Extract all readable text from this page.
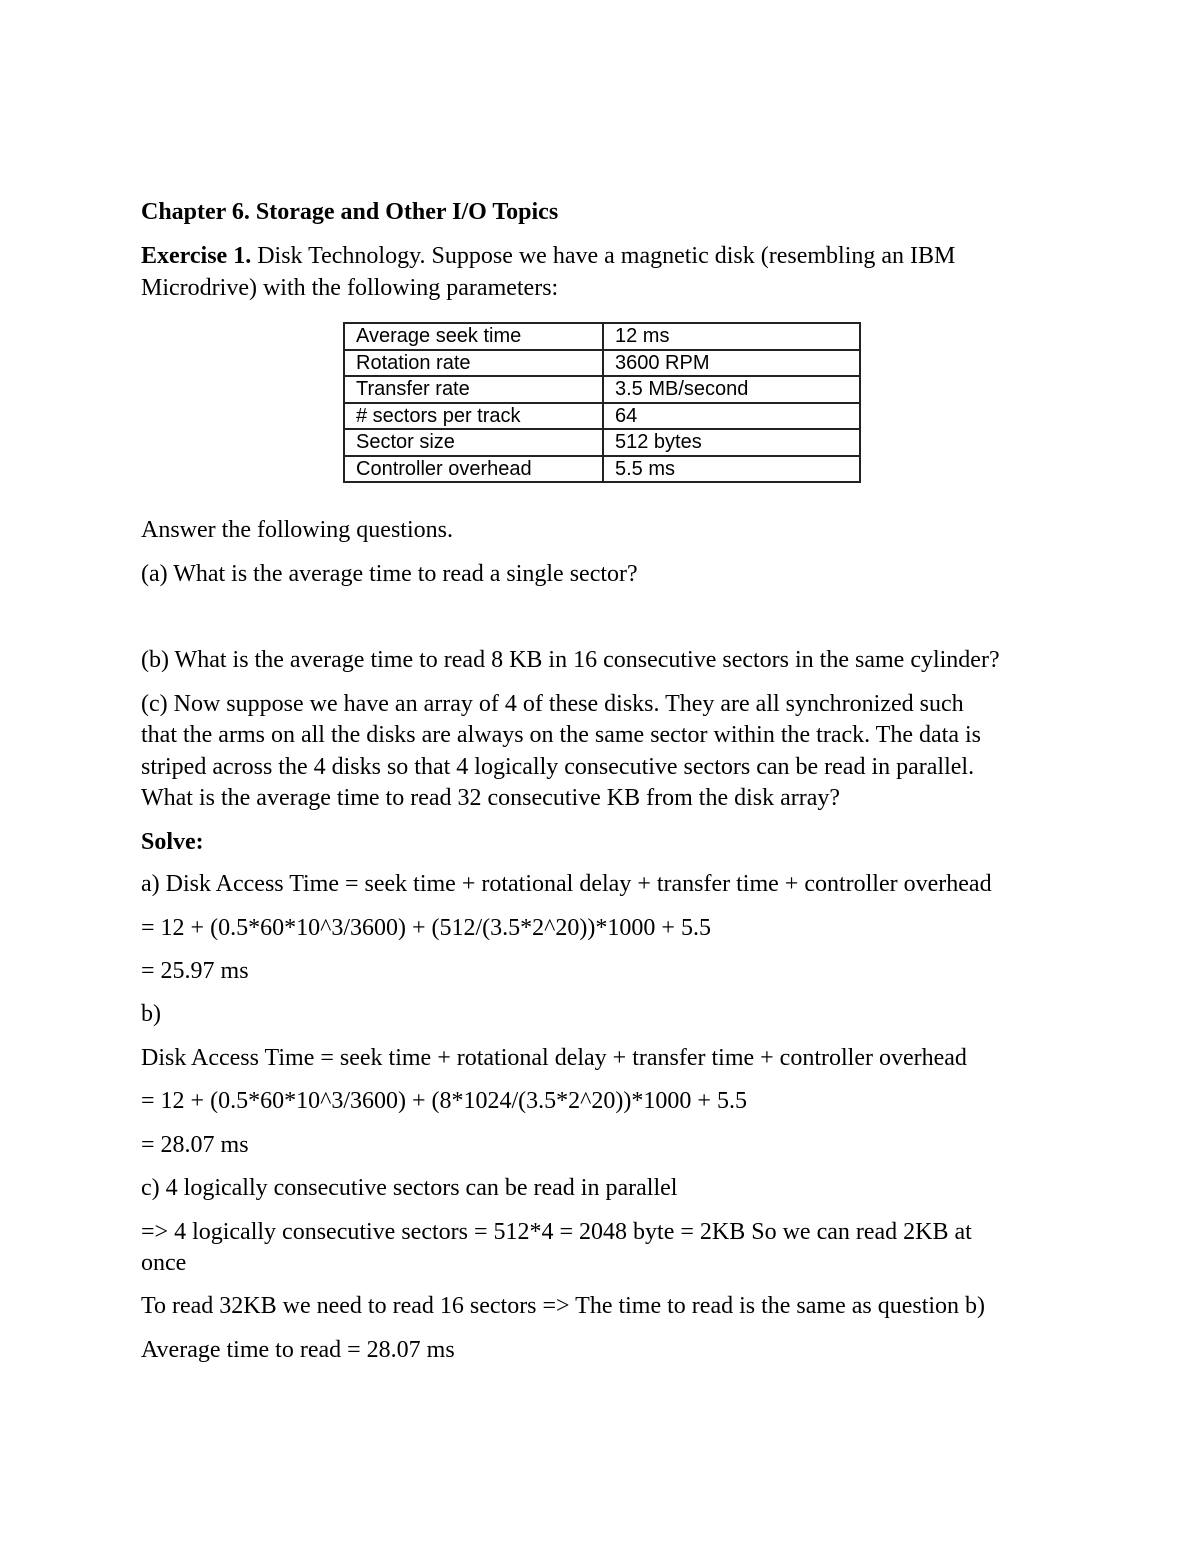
Chapter 6. Storage and Other I/O Topics
Exercise 1. Disk Technology. Suppose we have a magnetic disk (resembling an IBM
Microdrive) with the following parameters:
Average seek time	12 ms
Rotation rate	3600 RPM
Transfer rate	3.5 MB/second
# sectors per track	64
Sector size	512 bytes
Controller overhead	5.5 ms
Answer the following questions.
(a) What is the average time to read a single sector?
(b) What is the average time to read 8 KB in 16 consecutive sectors in the same cylinder?
(c) Now suppose we have an array of 4 of these disks. They are all synchronized such
that the arms on all the disks are always on the same sector within the track. The data is
striped across the 4 disks so that 4 logically consecutive sectors can be read in parallel.
What is the average time to read 32 consecutive KB from the disk array?
Solve:
a) Disk Access Time = seek time + rotational delay + transfer time + controller overhead
= 12 + (0.5*60*10^3/3600) + (512/(3.5*2^20))*1000 + 5.5
= 25.97 ms
b)
Disk Access Time = seek time + rotational delay + transfer time + controller overhead
= 12 + (0.5*60*10^3/3600) + (8*1024/(3.5*2^20))*1000 + 5.5
= 28.07 ms
c) 4 logically consecutive sectors can be read in parallel
=> 4 logically consecutive sectors = 512*4 = 2048 byte = 2KB So we can read 2KB at
once
To read 32KB we need to read 16 sectors => The time to read is the same as question b)
Average time to read = 28.07 ms
